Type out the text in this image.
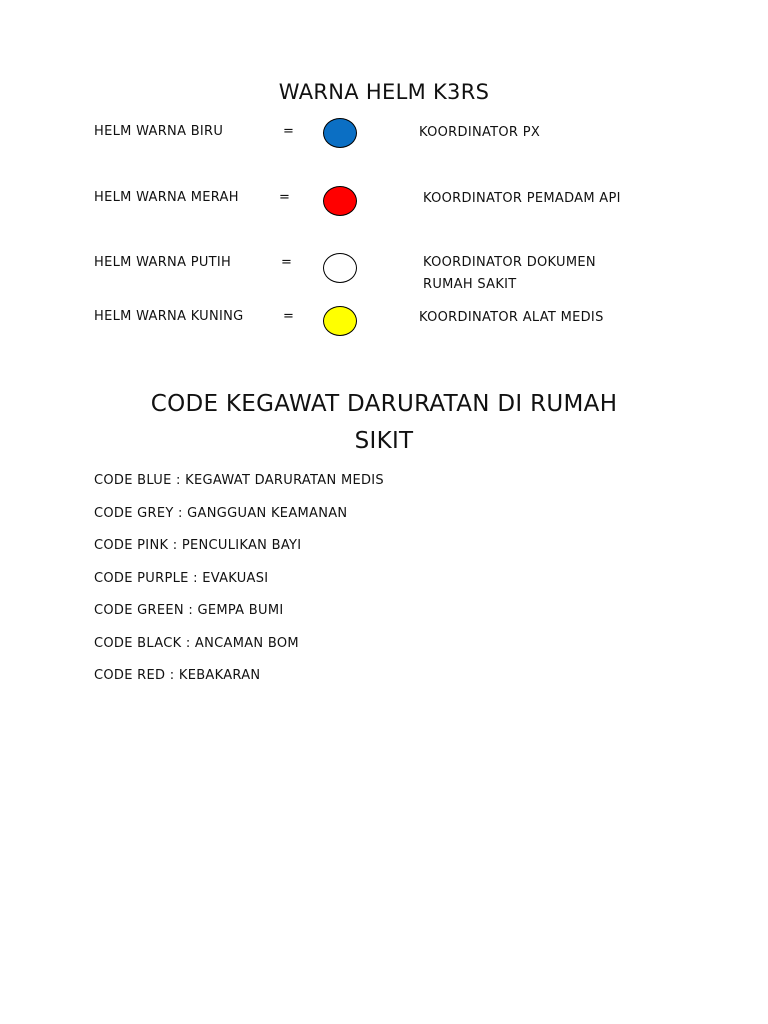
WARNA HELM K3RS
HELM WARNA BIRU	=	KOORDINATOR PX
HELM WARNA MERAH	=	KOORDINATOR PEMADAM API
HELM WARNA PUTIH	=	KOORDINATOR DOKUMEN
RUMAH SAKIT
HELM WARNA KUNING	=	KOORDINATOR ALAT MEDIS
CODE KEGAWAT DARURATAN DI RUMAH
SIKIT
CODE BLUE : KEGAWAT DARURATAN MEDIS
CODE GREY : GANGGUAN KEAMANAN
CODE PINK : PENCULIKAN BAYI
CODE PURPLE : EVAKUASI
CODE GREEN : GEMPA BUMI
CODE BLACK : ANCAMAN BOM
CODE RED : KEBAKARAN
